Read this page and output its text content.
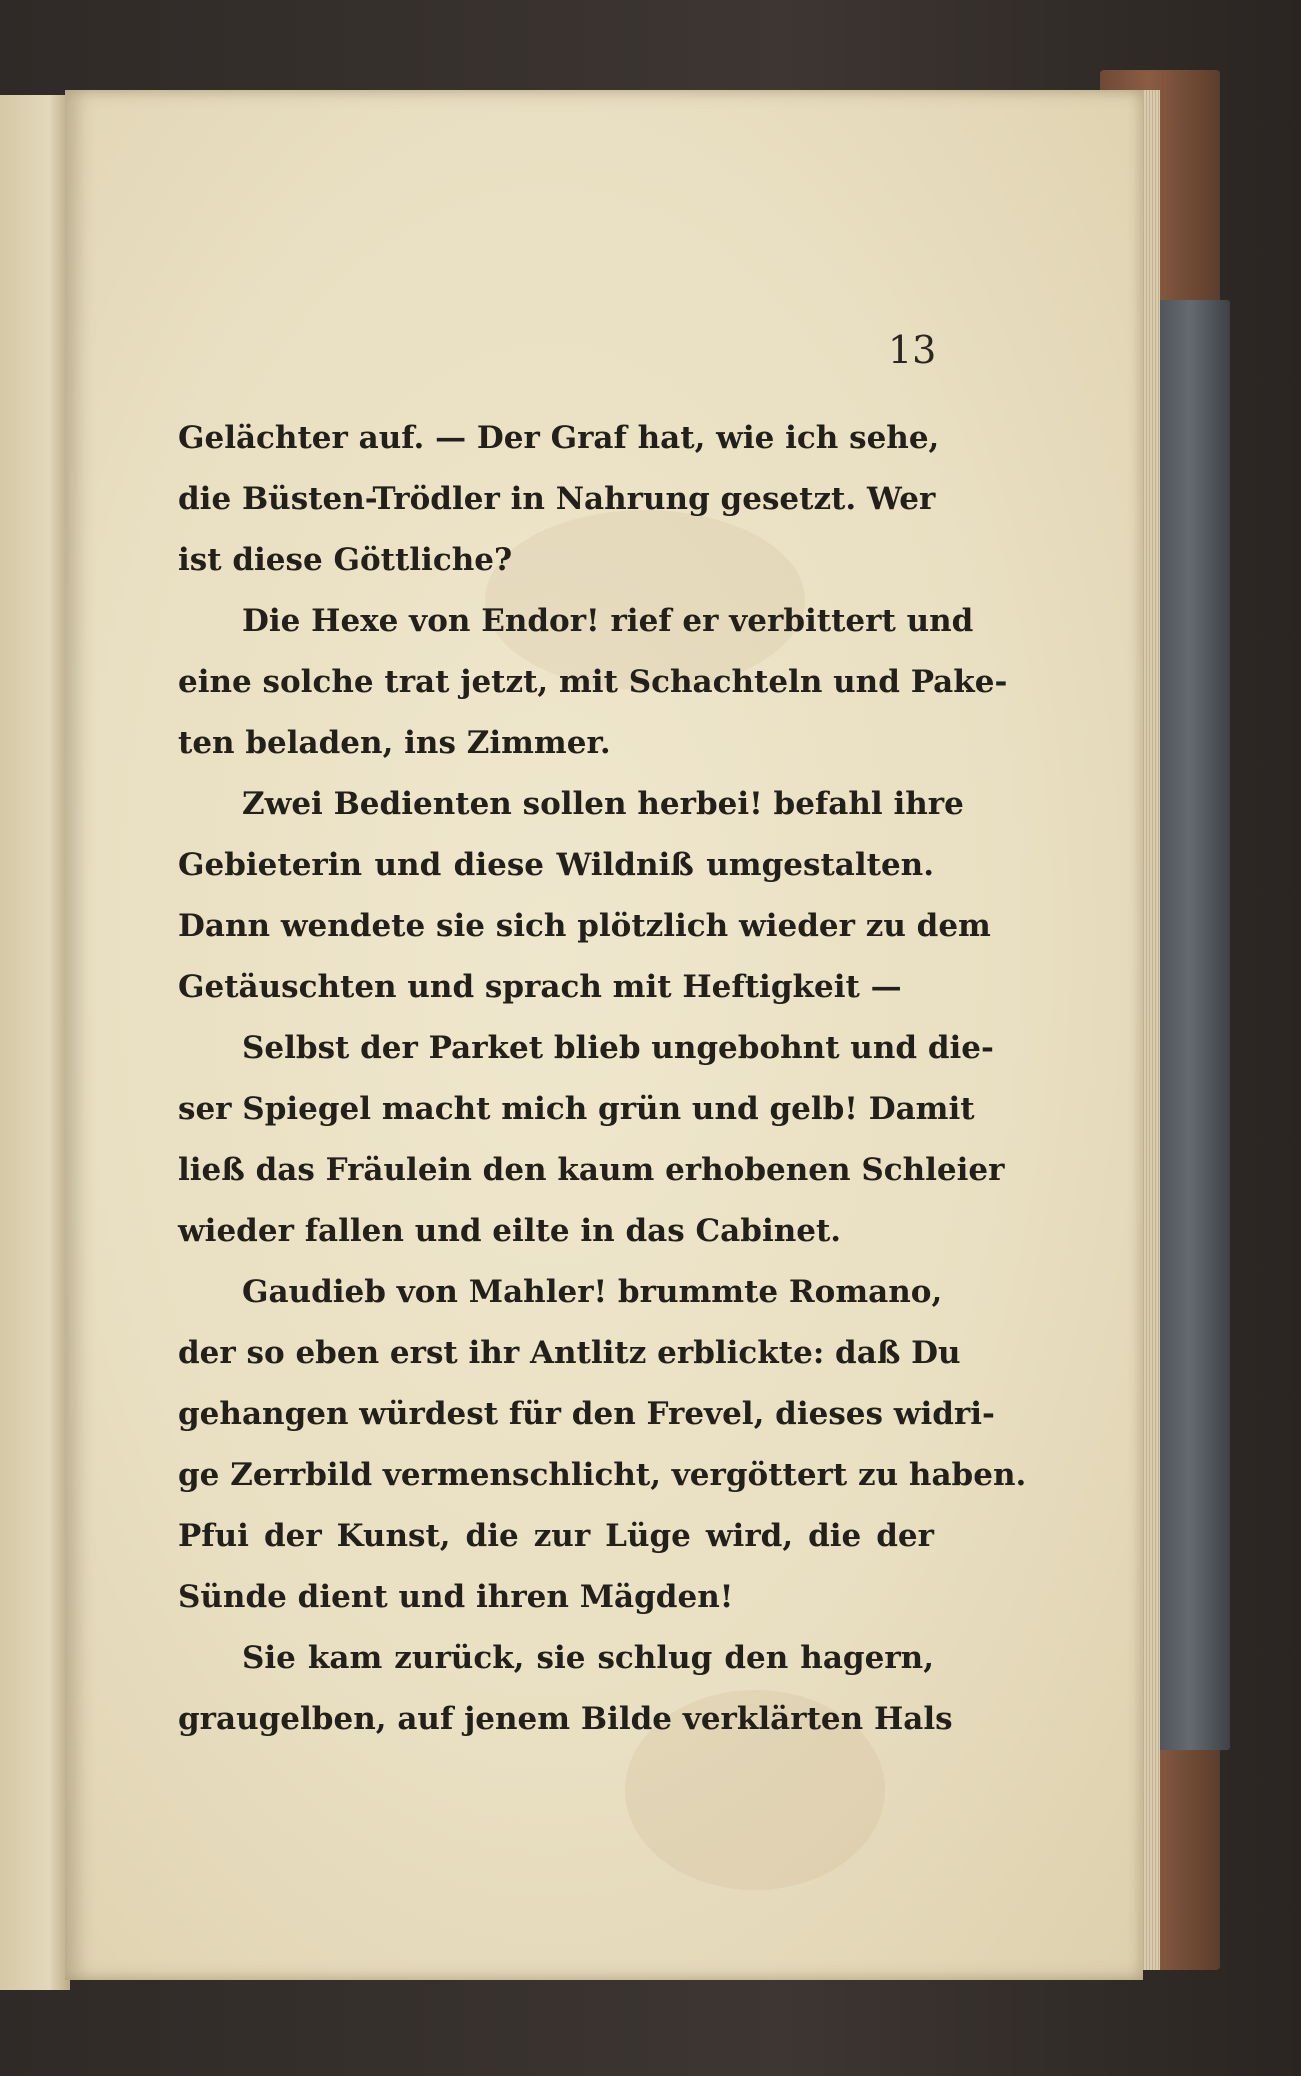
13
Gelächter auf. — Der Graf hat, wie ich sehe,
die Büsten-Trödler in Nahrung gesetzt. Wer
ist diese Göttliche?
Die Hexe von Endor! rief er verbittert und
eine solche trat jetzt, mit Schachteln und Pake-
ten beladen, ins Zimmer.
Zwei Bedienten sollen herbei! befahl ihre
Gebieterin und diese Wildniß umgestalten.
Dann wendete sie sich plötzlich wieder zu dem
Getäuschten und sprach mit Heftigkeit —
Selbst der Parket blieb ungebohnt und die-
ser Spiegel macht mich grün und gelb! Damit
ließ das Fräulein den kaum erhobenen Schleier
wieder fallen und eilte in das Cabinet.
Gaudieb von Mahler! brummte Romano,
der so eben erst ihr Antlitz erblickte: daß Du
gehangen würdest für den Frevel, dieses widri-
ge Zerrbild vermenschlicht, vergöttert zu haben.
Pfui der Kunst, die zur Lüge wird, die der
Sünde dient und ihren Mägden!
Sie kam zurück, sie schlug den hagern,
graugelben, auf jenem Bilde verklärten Hals
